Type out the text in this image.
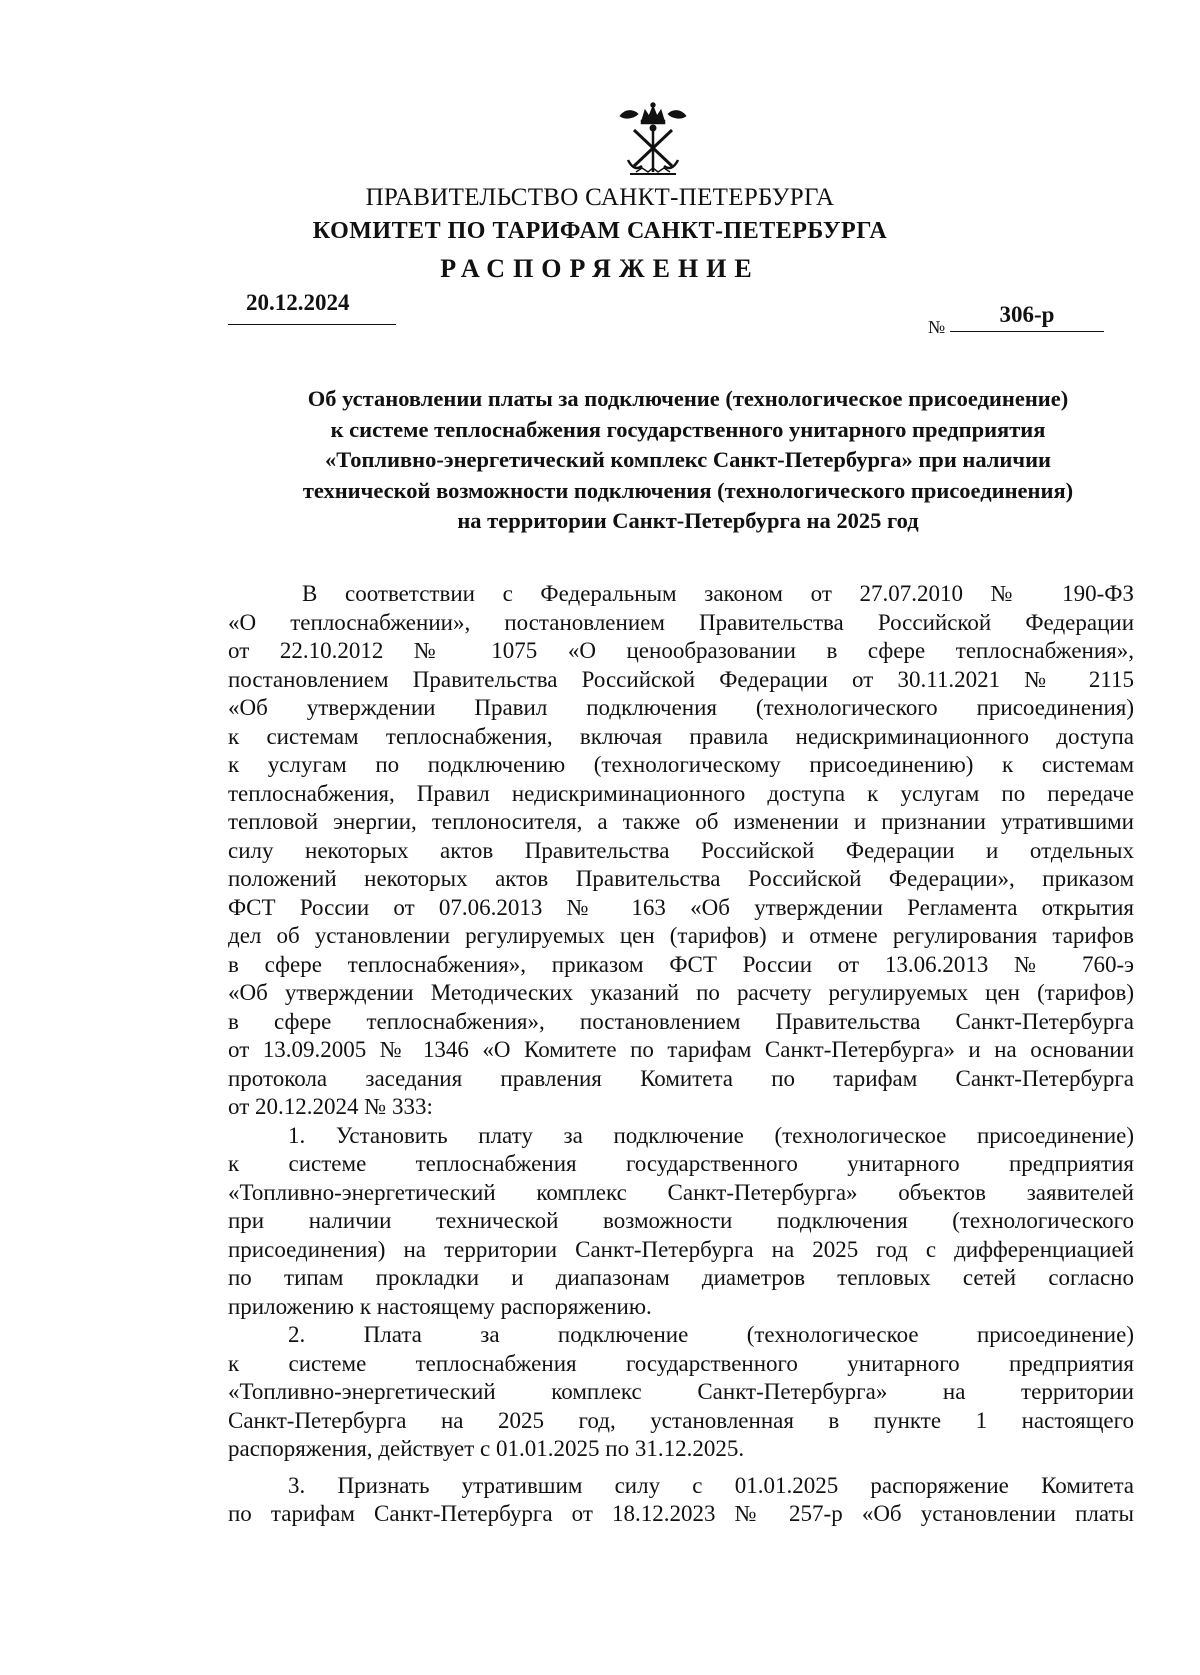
ПРАВИТЕЛЬСТВО САНКТ-ПЕТЕРБУРГА
КОМИТЕТ ПО ТАРИФАМ САНКТ-ПЕТЕРБУРГА
РАСПОРЯЖЕНИЕ
20.12.2024
№	306-р
Об установлении платы за подключение (технологическое присоединение)
к системе теплоснабжения государственного унитарного предприятия
«Топливно-энергетический комплекс Санкт-Петербурга» при наличии
технической возможности подключения (технологического присоединения)
на территории Санкт-Петербурга на 2025 год
В соответствии с Федеральным законом от 27.07.2010 № 190-ФЗ
«О теплоснабжении», постановлением Правительства Российской Федерации
от 22.10.2012 № 1075 «О ценообразовании в сфере теплоснабжения»,
постановлением Правительства Российской Федерации от 30.11.2021 № 2115
«Об утверждении Правил подключения (технологического присоединения)
к системам теплоснабжения, включая правила недискриминационного доступа
к услугам по подключению (технологическому присоединению) к системам
теплоснабжения, Правил недискриминационного доступа к услугам по передаче
тепловой энергии, теплоносителя, а также об изменении и признании утратившими
силу некоторых актов Правительства Российской Федерации и отдельных
положений некоторых актов Правительства Российской Федерации», приказом
ФСТ России от 07.06.2013 № 163 «Об утверждении Регламента открытия
дел об установлении регулируемых цен (тарифов) и отмене регулирования тарифов
в сфере теплоснабжения», приказом ФСТ России от 13.06.2013 № 760-э
«Об утверждении Методических указаний по расчету регулируемых цен (тарифов)
в сфере теплоснабжения», постановлением Правительства Санкт-Петербурга
от 13.09.2005 № 1346 «О Комитете по тарифам Санкт-Петербурга» и на основании
протокола заседания правления Комитета по тарифам Санкт-Петербурга
от 20.12.2024 № 333:
1. Установить плату за подключение (технологическое присоединение)
к системе теплоснабжения государственного унитарного предприятия
«Топливно-энергетический комплекс Санкт-Петербурга» объектов заявителей
при наличии технической возможности подключения (технологического
присоединения) на территории Санкт-Петербурга на 2025 год с дифференциацией
по типам прокладки и диапазонам диаметров тепловых сетей согласно
приложению к настоящему распоряжению.
2. Плата за подключение (технологическое присоединение)
к системе теплоснабжения государственного унитарного предприятия
«Топливно-энергетический комплекс Санкт-Петербурга» на территории
Санкт-Петербурга на 2025 год, установленная в пункте 1 настоящего
распоряжения, действует с 01.01.2025 по 31.12.2025.
3. Признать утратившим силу с 01.01.2025 распоряжение Комитета
по тарифам Санкт-Петербурга от 18.12.2023 № 257-р «Об установлении платы
